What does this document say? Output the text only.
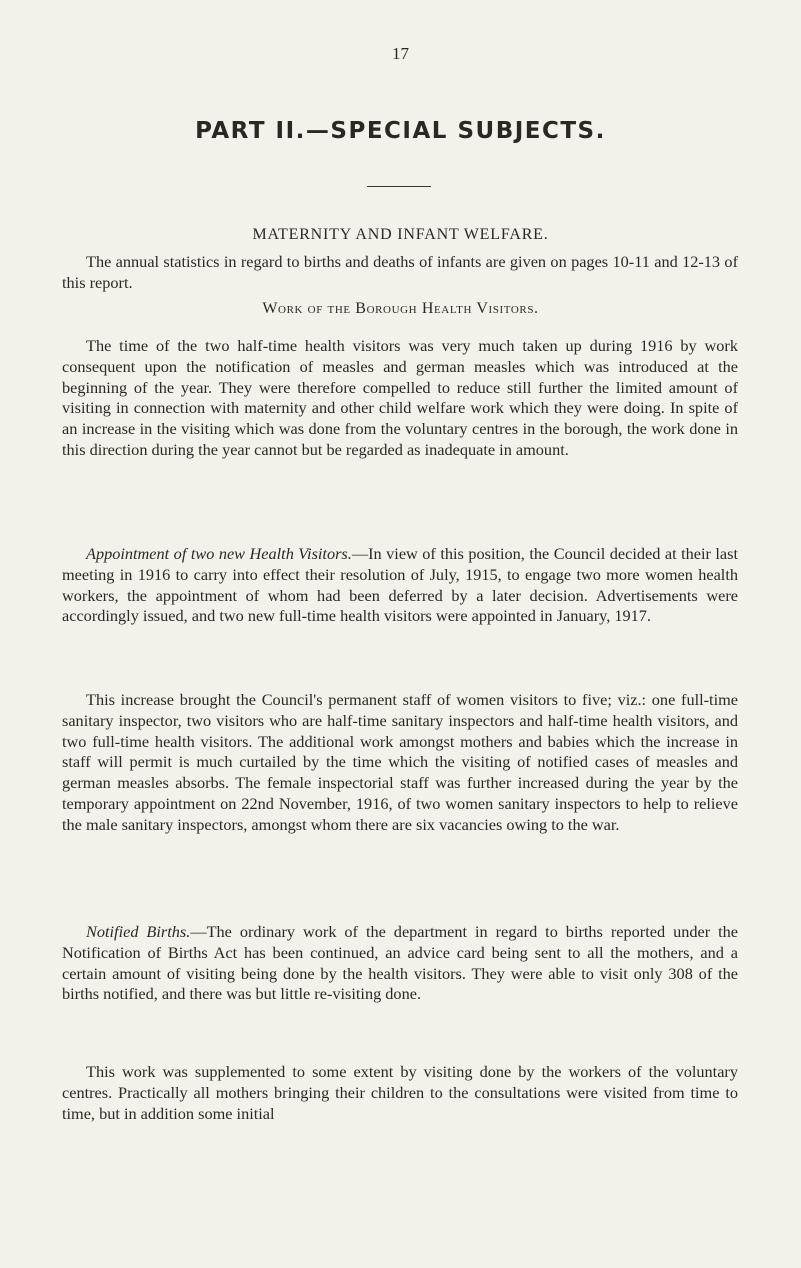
17
PART II.—SPECIAL SUBJECTS.
MATERNITY AND INFANT WELFARE.
The annual statistics in regard to births and deaths of infants are given on pages 10-11 and 12-13 of this report.
Work of the Borough Health Visitors.
The time of the two half-time health visitors was very much taken up during 1916 by work consequent upon the notification of measles and german measles which was introduced at the beginning of the year. They were therefore compelled to reduce still further the limited amount of visiting in connection with maternity and other child welfare work which they were doing. In spite of an increase in the visiting which was done from the voluntary centres in the borough, the work done in this direction during the year cannot but be regarded as inadequate in amount.
Appointment of two new Health Visitors.—In view of this position, the Council decided at their last meeting in 1916 to carry into effect their resolution of July, 1915, to engage two more women health workers, the appointment of whom had been deferred by a later decision. Advertisements were accordingly issued, and two new full-time health visitors were appointed in January, 1917.
This increase brought the Council's permanent staff of women visitors to five; viz.: one full-time sanitary inspector, two visitors who are half-time sanitary inspectors and half-time health visitors, and two full-time health visitors. The additional work amongst mothers and babies which the increase in staff will permit is much curtailed by the time which the visiting of notified cases of measles and german measles absorbs. The female inspectorial staff was further increased during the year by the temporary appointment on 22nd November, 1916, of two women sanitary inspectors to help to relieve the male sanitary inspectors, amongst whom there are six vacancies owing to the war.
Notified Births.—The ordinary work of the department in regard to births reported under the Notification of Births Act has been continued, an advice card being sent to all the mothers, and a certain amount of visiting being done by the health visitors. They were able to visit only 308 of the births notified, and there was but little re-visiting done.
This work was supplemented to some extent by visiting done by the workers of the voluntary centres. Practically all mothers bringing their children to the consultations were visited from time to time, but in addition some initial
